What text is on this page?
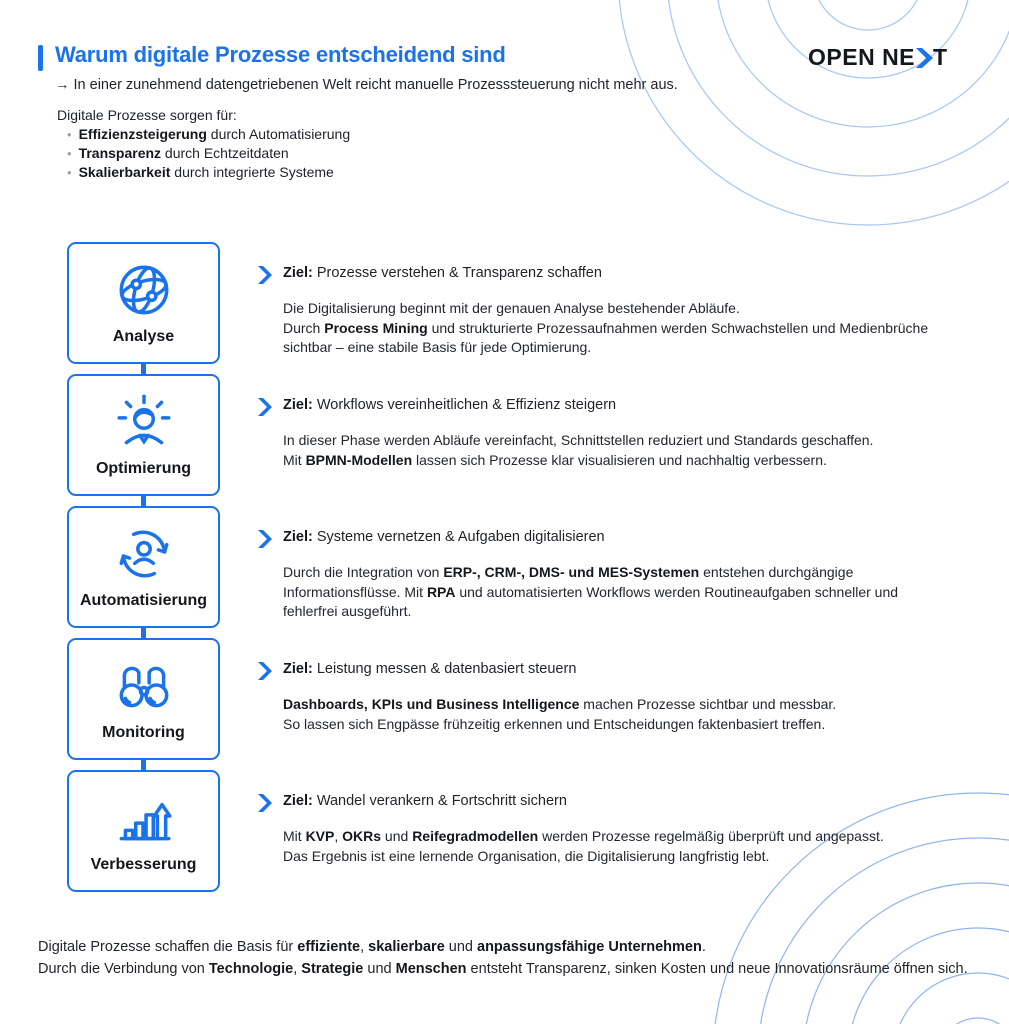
Warum digitale Prozesse entscheidend sind
→ In einer zunehmend datengetriebenen Welt reicht manuelle Prozesssteuerung nicht mehr aus.
Digitale Prozesse sorgen für:
•
Effizienzsteigerung durch Automatisierung
•
Transparenz durch Echtzeitdaten
•
Skalierbarkeit durch integrierte Systeme
OPEN NE T
Analyse
Ziel: Prozesse verstehen & Transparenz schaffen
Die Digitalisierung beginnt mit der genauen Analyse bestehender Abläufe.
Durch Process Mining und strukturierte Prozessaufnahmen werden Schwachstellen und Medienbrüche
sichtbar – eine stabile Basis für jede Optimierung.
Optimierung
Ziel: Workflows vereinheitlichen & Effizienz steigern
In dieser Phase werden Abläufe vereinfacht, Schnittstellen reduziert und Standards geschaffen.
Mit BPMN-Modellen lassen sich Prozesse klar visualisieren und nachhaltig verbessern.
Automatisierung
Ziel: Systeme vernetzen & Aufgaben digitalisieren
Durch die Integration von ERP-, CRM-, DMS- und MES-Systemen entstehen durchgängige
Informationsflüsse. Mit RPA und automatisierten Workflows werden Routineaufgaben schneller und
fehlerfrei ausgeführt.
Monitoring
Ziel: Leistung messen & datenbasiert steuern
Dashboards, KPIs und Business Intelligence machen Prozesse sichtbar und messbar.
So lassen sich Engpässe frühzeitig erkennen und Entscheidungen faktenbasiert treffen.
Verbesserung
Ziel: Wandel verankern & Fortschritt sichern
Mit KVP, OKRs und Reifegradmodellen werden Prozesse regelmäßig überprüft und angepasst.
Das Ergebnis ist eine lernende Organisation, die Digitalisierung langfristig lebt.
Digitale Prozesse schaffen die Basis für effiziente, skalierbare und anpassungsfähige Unternehmen.
Durch die Verbindung von Technologie, Strategie und Menschen entsteht Transparenz, sinken Kosten und neue Innovationsräume öffnen sich.
